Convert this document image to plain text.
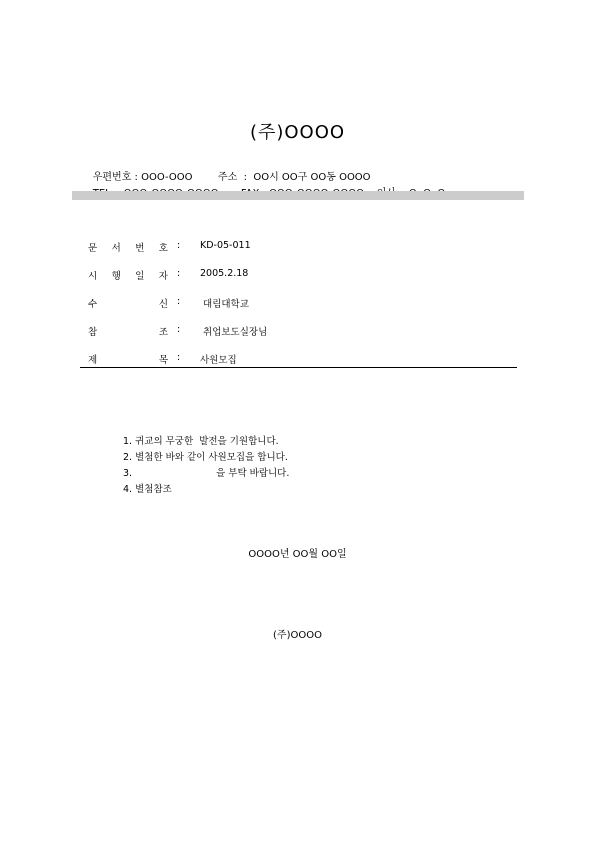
(주)OOOO

우편번호 : OOO-OOO	주소  :  OO시 OO구 OO동 OOOO

문 서 번 호 : KD-05-011
시 행 일 자 : 2005.2.18
수	신 : 대림대학교
참	조 : 취업보도실장님
제	목 : 사원모집
1. 귀교의 무궁한  발전을 기원합니다.
2. 별첨한 바와 같이 사원모집을 합니다.
3.	을 부탁 바랍니다.
4. 별첨참조
OOOO년 OO월 OO일
(주)OOOO
